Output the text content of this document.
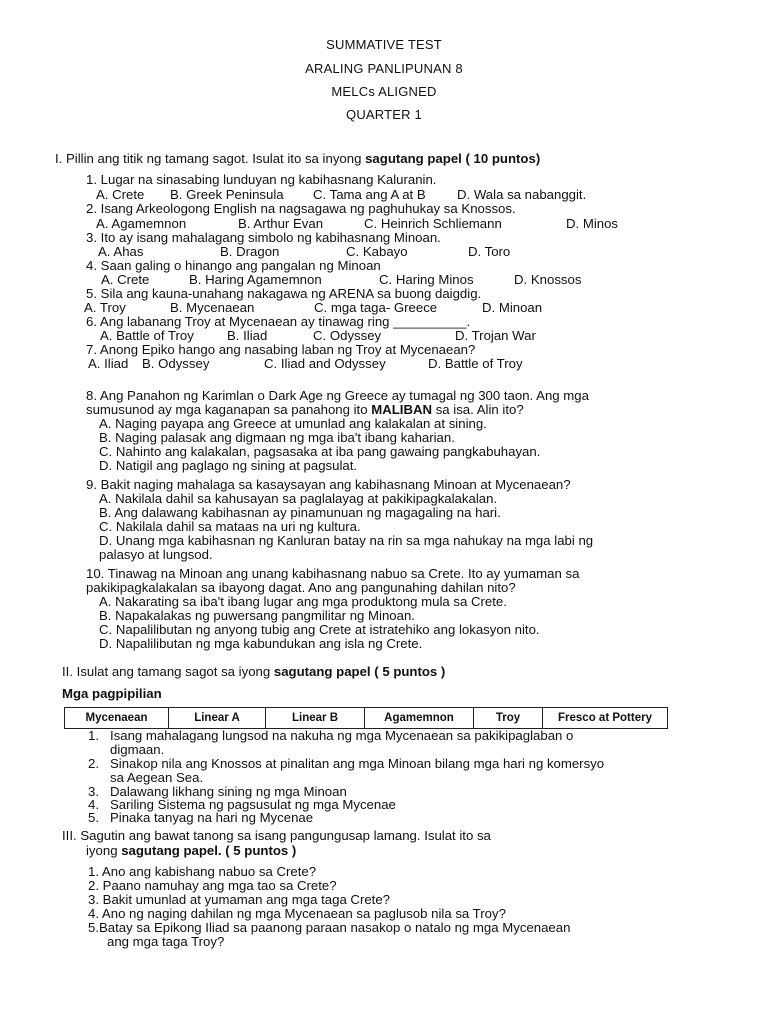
SUMMATIVE TEST
ARALING PANLIPUNAN 8
MELCs ALIGNED
QUARTER 1
I. Pillin ang titik ng tamang sagot. Isulat ito sa inyong sagutang papel ( 10 puntos)
1. Lugar na sinasabing lunduyan ng kabihasnang Kaluranin.
A. Crete B. Greek Peninsula C. Tama ang A at B D. Wala sa nabanggit.
2. Isang Arkeologong English na nagsagawa ng paghuhukay sa Knossos.
A. Agamemnon	B. Arthur Evan	C. Heinrich Schliemann	D. Minos
3. Ito ay isang mahalagang simbolo ng kabihasnang Minoan.
A. Ahas	B. Dragon	C. Kabayo	D. Toro
4. Saan galing o hinango ang pangalan ng Minoan
A. Crete	B. Haring Agamemnon	C. Haring Minos	D. Knossos
5. Sila ang kauna-unahang nakagawa ng ARENA sa buong daigdig.
A. Troy	B. Mycenaean	C. mga taga- Greece	D. Minoan
6. Ang labanang Troy at Mycenaean ay tinawag ring __________.
A. Battle of Troy	B. Iliad	C. Odyssey	D. Trojan War
7. Anong Epiko hango ang nasabing laban ng Troy at Mycenaean?
A. Iliad B. Odyssey	C. Iliad and Odyssey	D. Battle of Troy
8. Ang Panahon ng Karimlan o Dark Age ng Greece ay tumagal ng 300 taon. Ang mga
sumusunod ay mga kaganapan sa panahong ito MALIBAN sa isa. Alin ito?
A. Naging payapa ang Greece at umunlad ang kalakalan at sining.
B. Naging palasak ang digmaan ng mga iba't ibang kaharian.
C. Nahinto ang kalakalan, pagsasaka at iba pang gawaing pangkabuhayan.
D. Natigil ang paglago ng sining at pagsulat.
9. Bakit naging mahalaga sa kasaysayan ang kabihasnang Minoan at Mycenaean?
A. Nakilala dahil sa kahusayan sa paglalayag at pakikipagkalakalan.
B. Ang dalawang kabihasnan ay pinamunuan ng magagaling na hari.
C. Nakilala dahil sa mataas na uri ng kultura.
D. Unang mga kabihasnan ng Kanluran batay na rin sa mga nahukay na mga labi ng
palasyo at lungsod.
10. Tinawag na Minoan ang unang kabihasnang nabuo sa Crete. Ito ay yumaman sa
pakikipagkalakalan sa ibayong dagat. Ano ang pangunahing dahilan nito?
A. Nakarating sa iba't ibang lugar ang mga produktong mula sa Crete.
B. Napakalakas ng puwersang pangmilitar ng Minoan.
C. Napalilibutan ng anyong tubig ang Crete at istratehiko ang lokasyon nito.
D. Napalilibutan ng mga kabundukan ang isla ng Crete.
II. Isulat ang tamang sagot sa iyong sagutang papel ( 5 puntos )
Mga pagpipilian
Mycenaean	Linear A	Linear B	Agamemnon	Troy	Fresco at Pottery
1. Isang mahalagang lungsod na nakuha ng mga Mycenaean sa pakikipaglaban o
digmaan.
2. Sinakop nila ang Knossos at pinalitan ang mga Minoan bilang mga hari ng komersyo
sa Aegean Sea.
3. Dalawang likhang sining ng mga Minoan
4. Sariling Sistema ng pagsusulat ng mga Mycenae
5. Pinaka tanyag na hari ng Mycenae
III. Sagutin ang bawat tanong sa isang pangungusap lamang. Isulat ito sa
iyong sagutang papel. ( 5 puntos )
1. Ano ang kabishang nabuo sa Crete?
2. Paano namuhay ang mga tao sa Crete?
3. Bakit umunlad at yumaman ang mga taga Crete?
4. Ano ng naging dahilan ng mga Mycenaean sa paglusob nila sa Troy?
5.Batay sa Epikong Iliad sa paanong paraan nasakop o natalo ng mga Mycenaean
ang mga taga Troy?
